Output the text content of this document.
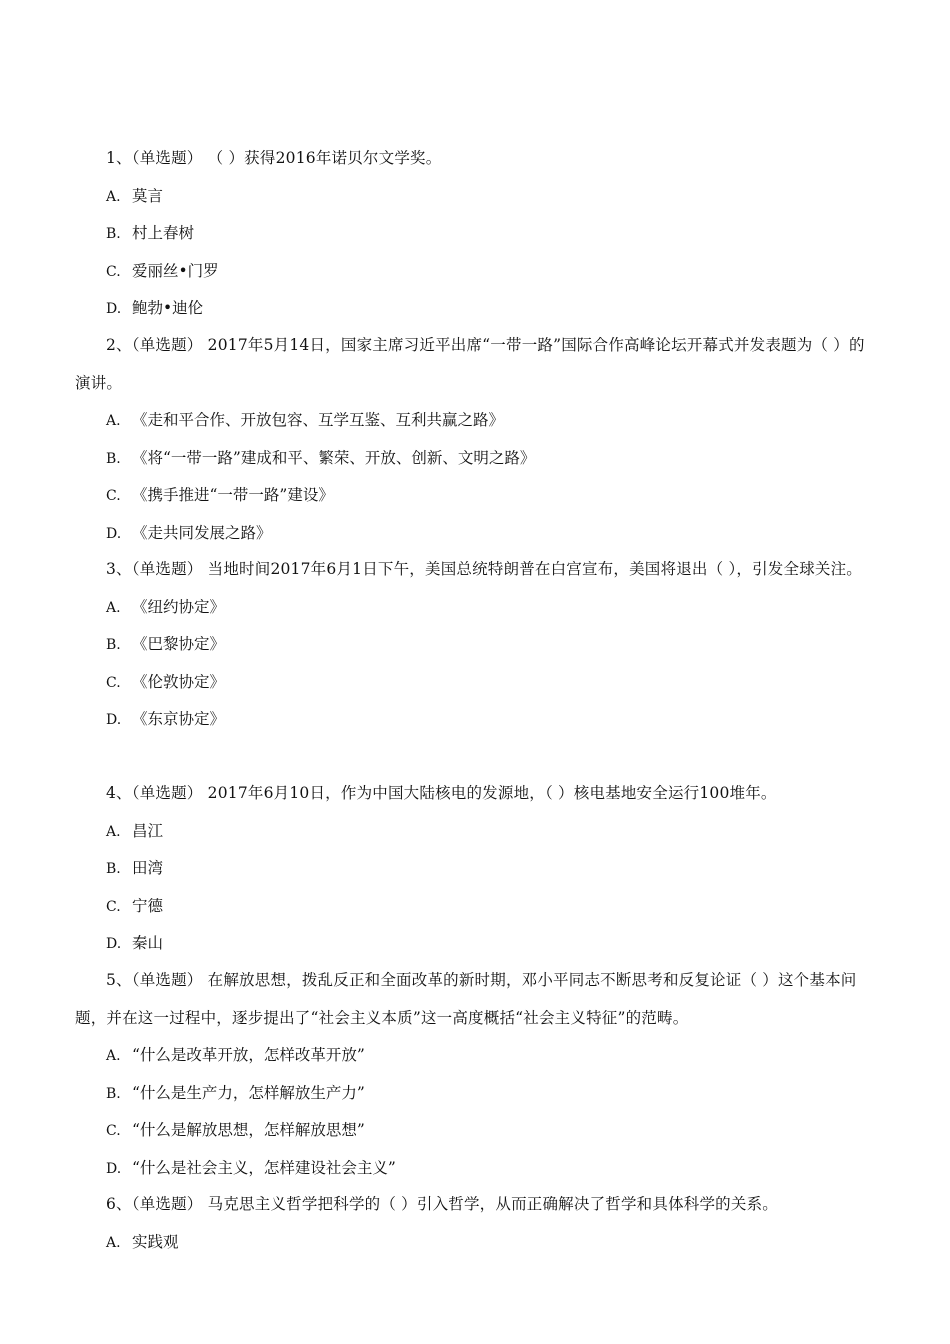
1、（单选题） （ ）获得2016年诺贝尔文学奖。

A. 莫言
B. 村上春树
C. 爱丽丝•门罗
D. 鲍勃•迪伦

2、（单选题） 2017年5月14日，国家主席习近平出席“一带一路”国际合作高峰论坛开幕式并发表题为（ ）的演讲。

A. 《走和平合作、开放包容、互学互鉴、互利共赢之路》
B. 《将“一带一路”建成和平、繁荣、开放、创新、文明之路》
C. 《携手推进“一带一路”建设》
D. 《走共同发展之路》

3、（单选题） 当地时间2017年6月1日下午，美国总统特朗普在白宫宣布，美国将退出（ ），引发全球关注。

A. 《纽约协定》
B. 《巴黎协定》
C. 《伦敦协定》
D. 《东京协定》

4、（单选题） 2017年6月10日，作为中国大陆核电的发源地，（ ）核电基地安全运行100堆年。

A. 昌江
B. 田湾
C. 宁德
D. 秦山

5、（单选题） 在解放思想，拨乱反正和全面改革的新时期，邓小平同志不断思考和反复论证（ ）这个基本问题，并在这一过程中，逐步提出了“社会主义本质”这一高度概括“社会主义特征”的范畴。

A. “什么是改革开放，怎样改革开放”
B. “什么是生产力，怎样解放生产力”
C. “什么是解放思想，怎样解放思想”
D. “什么是社会主义，怎样建设社会主义”

6、（单选题） 马克思主义哲学把科学的（ ）引入哲学，从而正确解决了哲学和具体科学的关系。

A. 实践观
